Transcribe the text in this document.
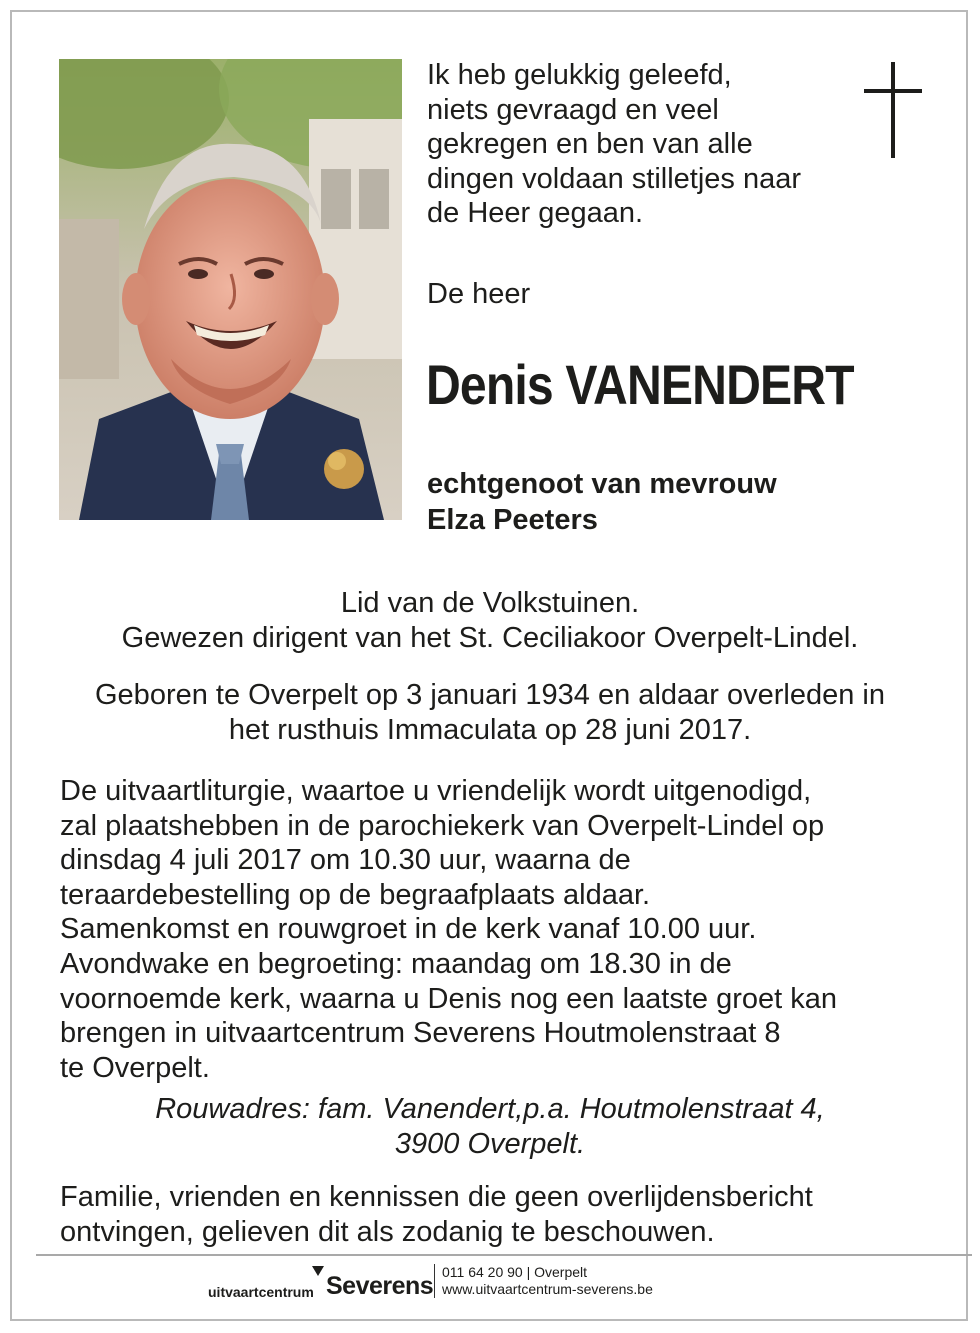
Ik heb gelukkig geleefd,
niets gevraagd en veel
gekregen en ben van alle
dingen voldaan stilletjes naar
de Heer gegaan.
De heer
Denis VANENDERT
echtgenoot van mevrouw
Elza Peeters
Lid van de Volkstuinen.
Gewezen dirigent van het St. Ceciliakoor Overpelt-Lindel.
Geboren te Overpelt op 3 januari 1934 en aldaar overleden in
het rusthuis Immaculata op 28 juni 2017.
De uitvaartliturgie, waartoe u vriendelijk wordt uitgenodigd,
zal plaatshebben in de parochiekerk van Overpelt-Lindel op
dinsdag 4 juli 2017 om 10.30 uur, waarna de
teraardebestelling op de begraafplaats aldaar.
Samenkomst en rouwgroet in de kerk vanaf 10.00 uur.
Avondwake en begroeting: maandag om 18.30 in de
voornoemde kerk, waarna u Denis nog een laatste groet kan
brengen in uitvaartcentrum Severens Houtmolenstraat 8
te Overpelt.
Rouwadres: fam. Vanendert,p.a. Houtmolenstraat 4,
3900 Overpelt.
Familie, vrienden en kennissen die geen overlijdensbericht
ontvingen, gelieven dit als zodanig te beschouwen.
uitvaartcentrum Severens 011 64 20 90 | Overpelt
www.uitvaartcentrum-severens.be
